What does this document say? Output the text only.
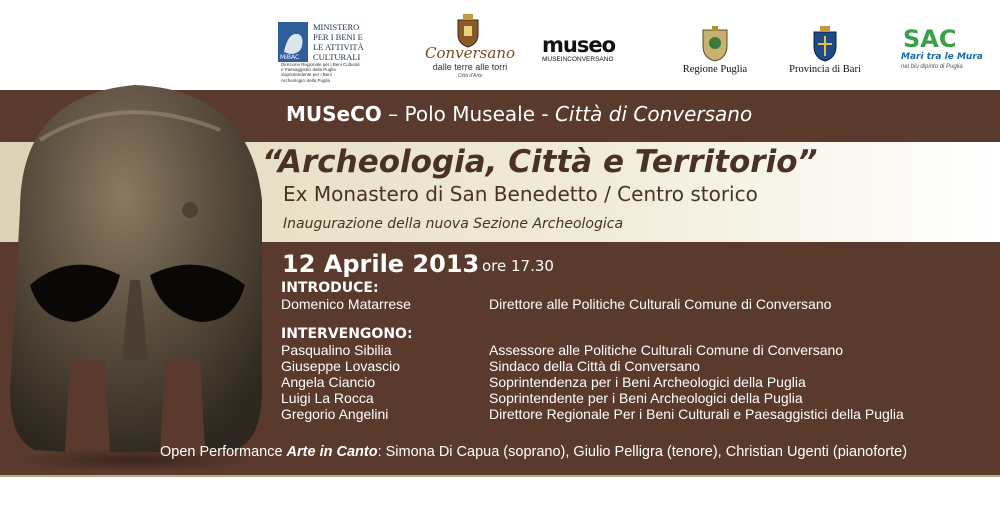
MiBAC
MINISTERO
PER I BENI E
LE ATTIVITÀ
CULTURALI
Direzione Regionale per i Beni Culturali
e Paesaggistici della Puglia
Soprintendente per i Beni
Archeologici della Puglia
Conversano
dalle terre alle torri
Città d'Arte
museo
MUSEINCONVERSANO
Regione Puglia	Provincia di Bari
SAC
Mari tra le Mura
nel blu dipinto di Puglia
MUSeCO – Polo Museale - Città di Conversano
“Archeologia, Città e Territorio”
Ex Monastero di San Benedetto / Centro storico
Inaugurazione della nuova Sezione Archeologica
12 Aprile 2013 ore 17.30
INTRODUCE:
Domenico Matarrese	Direttore alle Politiche Culturali Comune di Conversano
INTERVENGONO:
Pasqualino Sibilia	Assessore alle Politiche Culturali Comune di Conversano
Giuseppe Lovascio	Sindaco della Città di Conversano
Angela Ciancio	Soprintendenza per i Beni Archeologici della Puglia
Luigi La Rocca	Soprintendente per i Beni Archeologici della Puglia
Gregorio Angelini	Direttore Regionale Per i Beni Culturali e Paesaggistici della Puglia
Open Performance Arte in Canto: Simona Di Capua (soprano), Giulio Pelligra (tenore), Christian Ugenti (pianoforte)
